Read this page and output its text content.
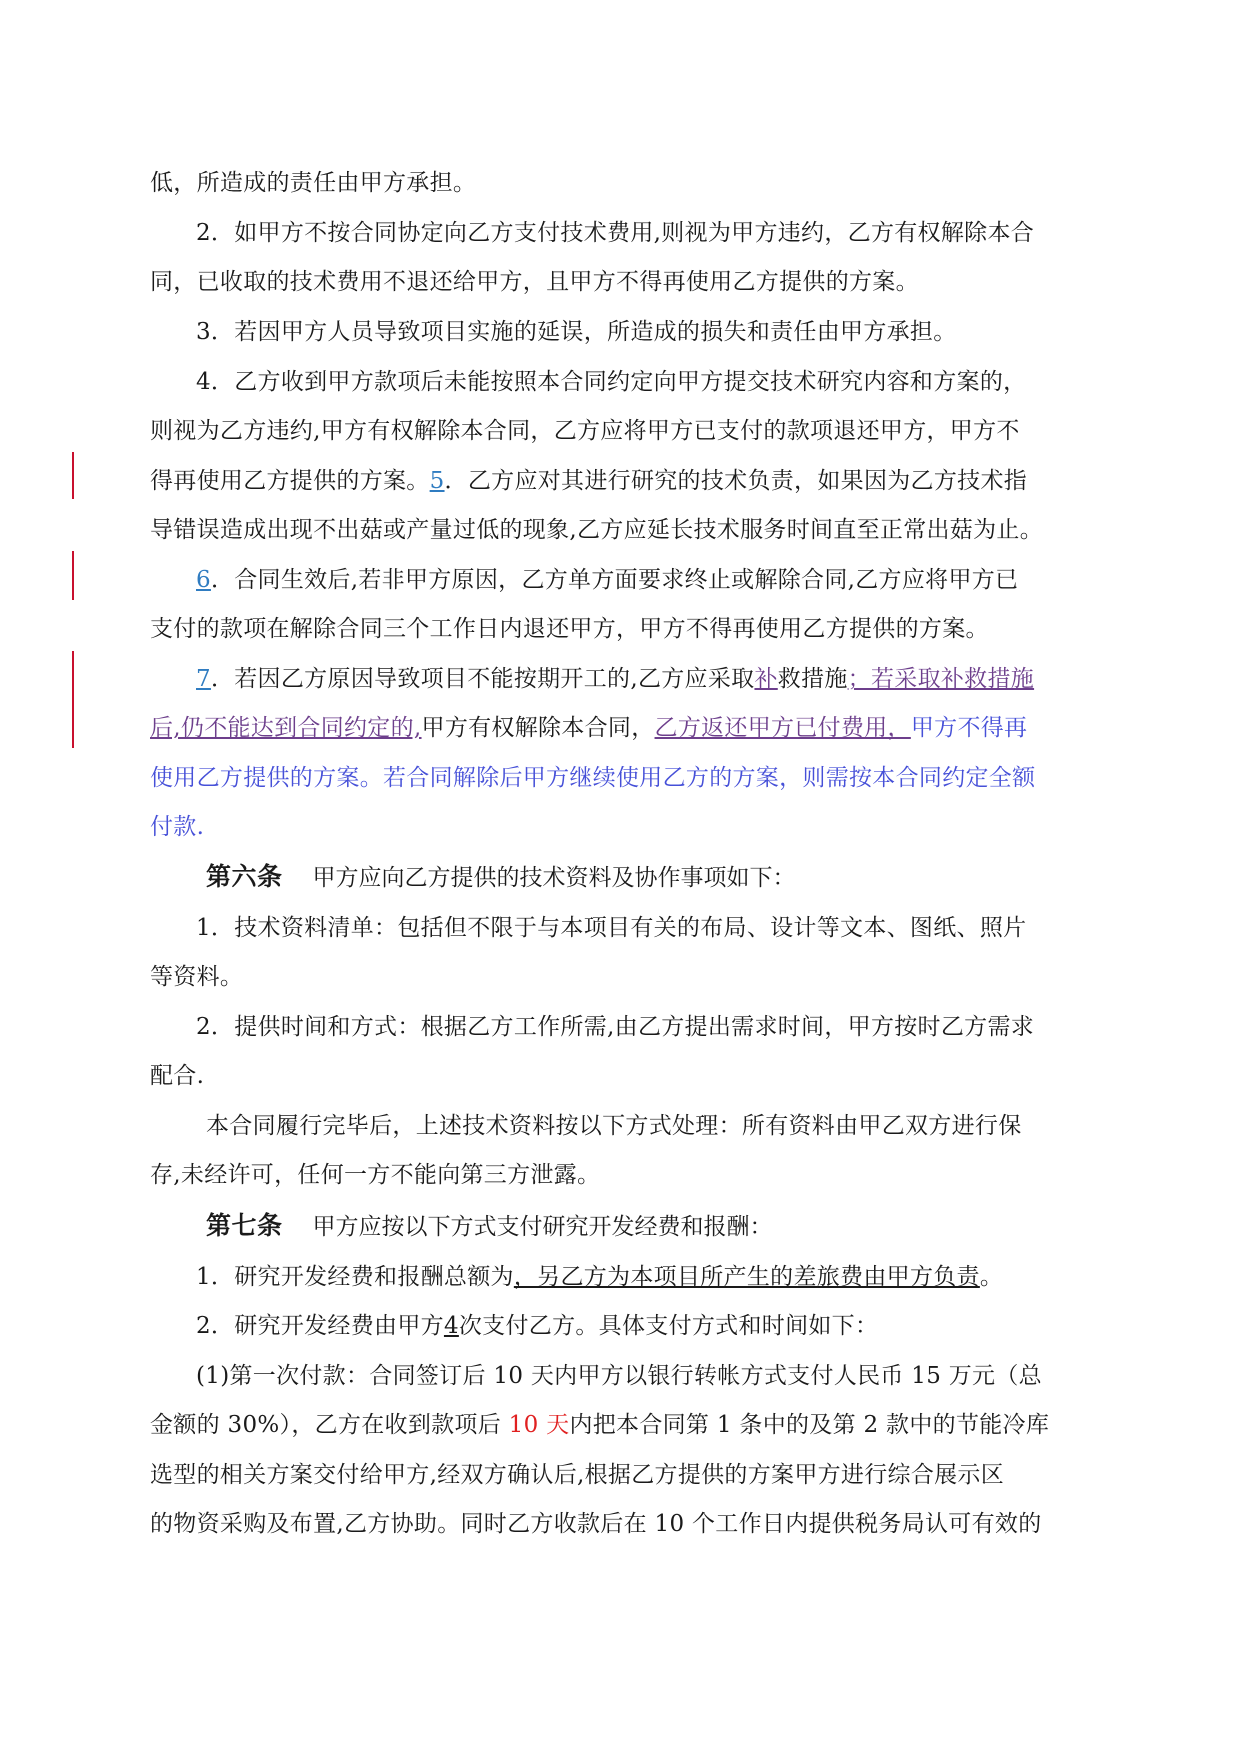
低，所造成的责任由甲方承担。
2．如甲方不按合同协定向乙方支付技术费用,则视为甲方违约，乙方有权解除本合
同，已收取的技术费用不退还给甲方，且甲方不得再使用乙方提供的方案。
3．若因甲方人员导致项目实施的延误，所造成的损失和责任由甲方承担。
4．乙方收到甲方款项后未能按照本合同约定向甲方提交技术研究内容和方案的，
则视为乙方违约,甲方有权解除本合同，乙方应将甲方已支付的款项退还甲方，甲方不
得再使用乙方提供的方案。5．乙方应对其进行研究的技术负责，如果因为乙方技术指
导错误造成出现不出菇或产量过低的现象,乙方应延长技术服务时间直至正常出菇为止。
6．合同生效后,若非甲方原因，乙方单方面要求终止或解除合同,乙方应将甲方已
支付的款项在解除合同三个工作日内退还甲方，甲方不得再使用乙方提供的方案。
7．若因乙方原因导致项目不能按期开工的,乙方应采取补救措施；若采取补救措施
后,仍不能达到合同约定的,甲方有权解除本合同，乙方返还甲方已付费用，甲方不得再
使用乙方提供的方案。若合同解除后甲方继续使用乙方的方案，则需按本合同约定全额
付款.
第六条 甲方应向乙方提供的技术资料及协作事项如下：
1．技术资料清单：包括但不限于与本项目有关的布局、设计等文本、图纸、照片
等资料。
2．提供时间和方式：根据乙方工作所需,由乙方提出需求时间，甲方按时乙方需求
配合.
本合同履行完毕后，上述技术资料按以下方式处理：所有资料由甲乙双方进行保
存,未经许可，任何一方不能向第三方泄露。
第七条 甲方应按以下方式支付研究开发经费和报酬：
1．研究开发经费和报酬总额为，另乙方为本项目所产生的差旅费由甲方负责。
2．研究开发经费由甲方4次支付乙方。具体支付方式和时间如下：
(1)第一次付款：合同签订后 10 天内甲方以银行转帐方式支付人民币 15 万元（总
金额的 30%），乙方在收到款项后 10 天内把本合同第 1 条中的及第 2 款中的节能冷库
选型的相关方案交付给甲方,经双方确认后,根据乙方提供的方案甲方进行综合展示区
的物资采购及布置,乙方协助。同时乙方收款后在 10 个工作日内提供税务局认可有效的
